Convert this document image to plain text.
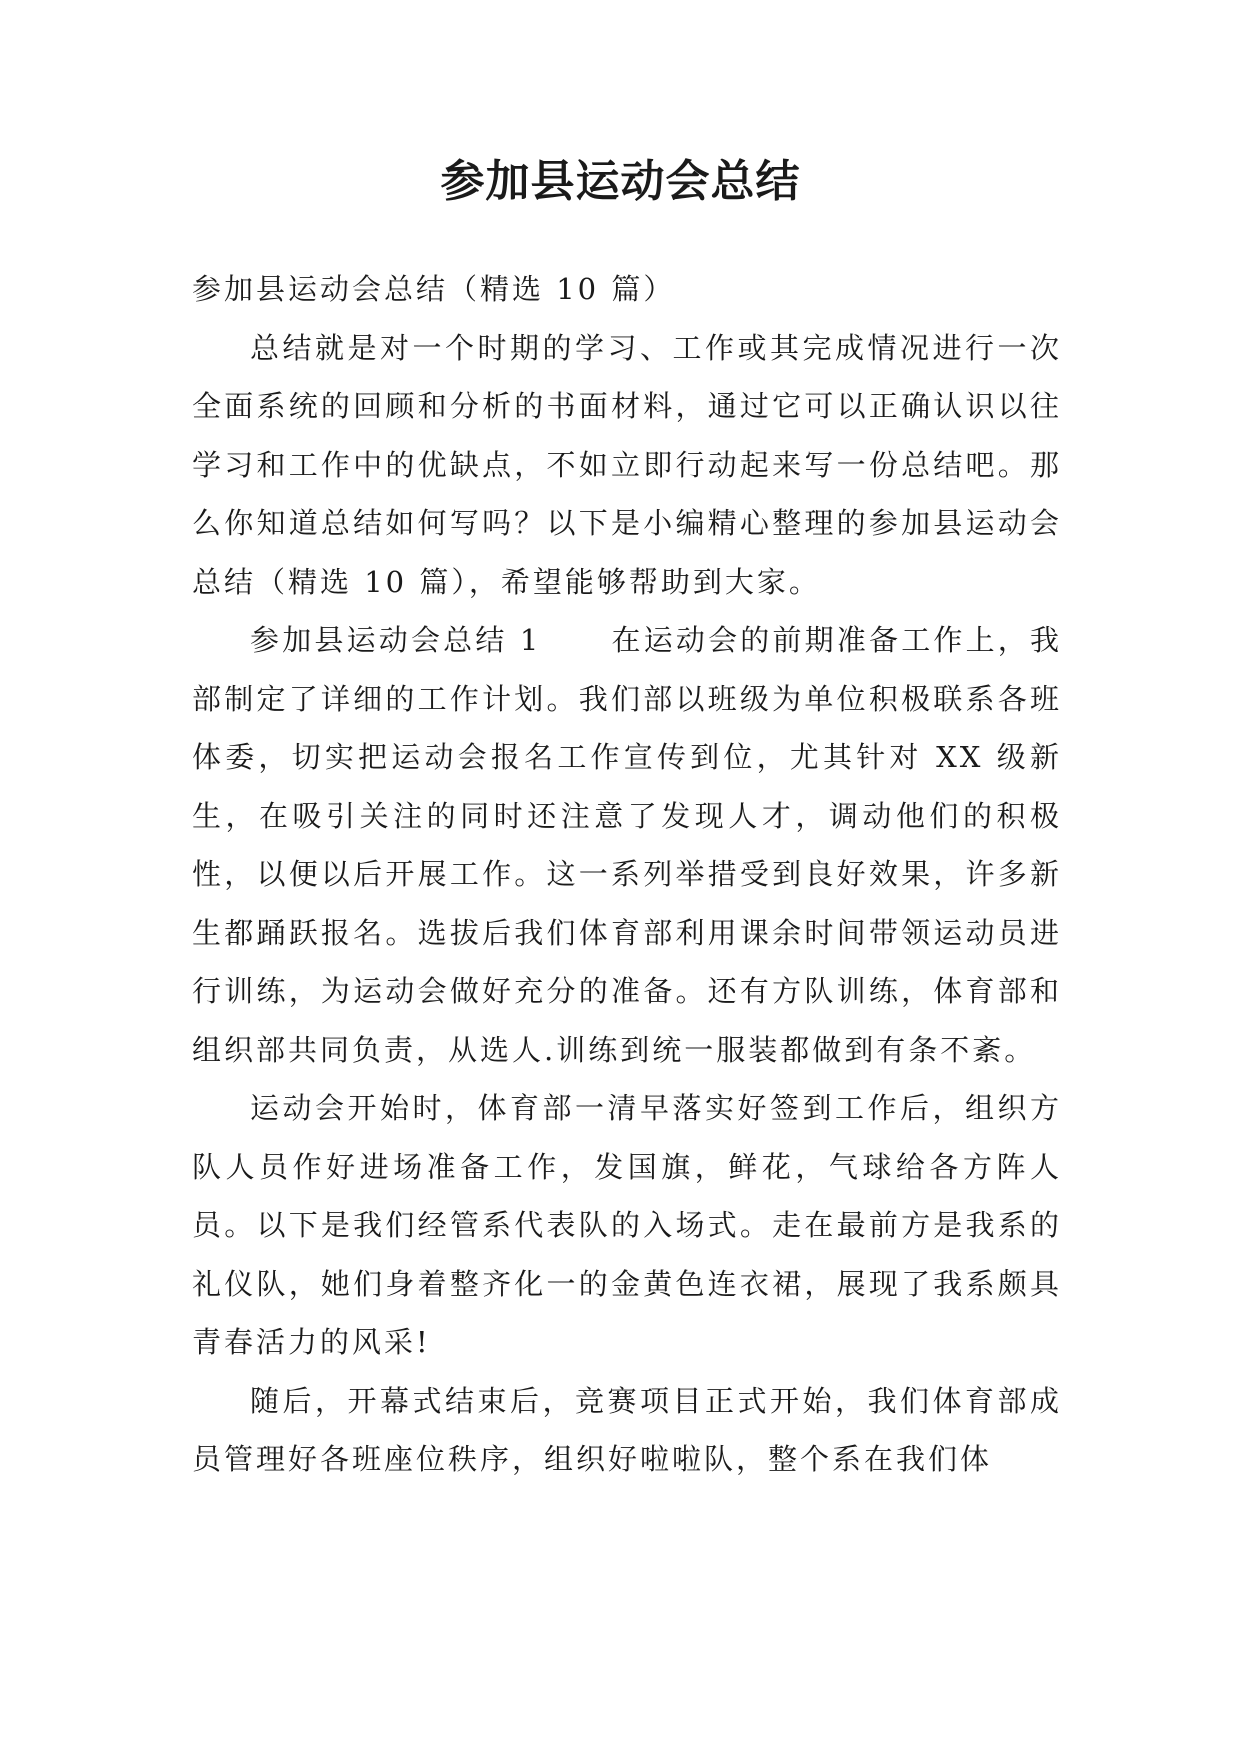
参加县运动会总结

参加县运动会总结（精选 10 篇）

总结就是对一个时期的学习、工作或其完成情况进行一次全面系统的回顾和分析的书面材料，通过它可以正确认识以往学习和工作中的优缺点，不如立即行动起来写一份总结吧。那么你知道总结如何写吗？以下是小编精心整理的参加县运动会总结（精选 10 篇），希望能够帮助到大家。

参加县运动会总结 1 在运动会的前期准备工作上，我部制定了详细的工作计划。我们部以班级为单位积极联系各班体委，切实把运动会报名工作宣传到位，尤其针对 XX 级新生，在吸引关注的同时还注意了发现人才，调动他们的积极性，以便以后开展工作。这一系列举措受到良好效果，许多新生都踊跃报名。选拔后我们体育部利用课余时间带领运动员进行训练，为运动会做好充分的准备。还有方队训练，体育部和组织部共同负责，从选人.训练到统一服装都做到有条不紊。

运动会开始时，体育部一清早落实好签到工作后，组织方队人员作好进场准备工作，发国旗，鲜花，气球给各方阵人员。以下是我们经管系代表队的入场式。走在最前方是我系的礼仪队，她们身着整齐化一的金黄色连衣裙，展现了我系颇具青春活力的风采!

随后，开幕式结束后，竞赛项目正式开始，我们体育部成员管理好各班座位秩序，组织好啦啦队，整个系在我们体
